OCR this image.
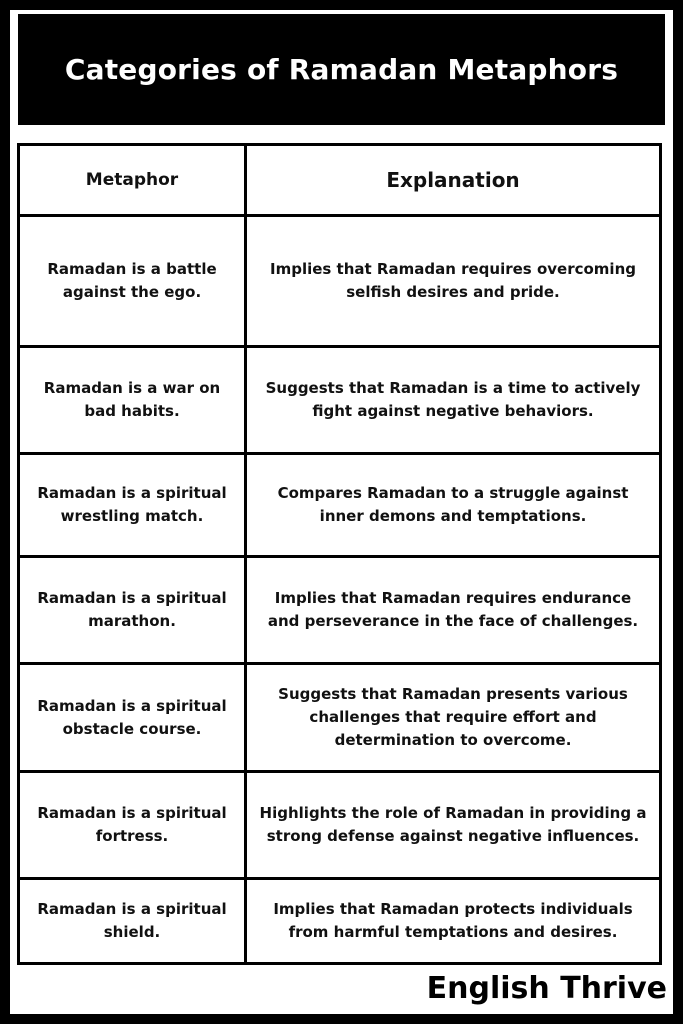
Categories of Ramadan Metaphors
Metaphor	Explanation
Ramadan is a battle against the ego.	Implies that Ramadan requires overcoming selfish desires and pride.
Ramadan is a war on bad habits.	Suggests that Ramadan is a time to actively fight against negative behaviors.
Ramadan is a spiritual wrestling match.	Compares Ramadan to a struggle against inner demons and temptations.
Ramadan is a spiritual marathon.	Implies that Ramadan requires endurance and perseverance in the face of challenges.
Ramadan is a spiritual obstacle course.	Suggests that Ramadan presents various challenges that require effort and determination to overcome.
Ramadan is a spiritual fortress.	Highlights the role of Ramadan in providing a strong defense against negative influences.
Ramadan is a spiritual shield.	Implies that Ramadan protects individuals from harmful temptations and desires.
English Thrive
